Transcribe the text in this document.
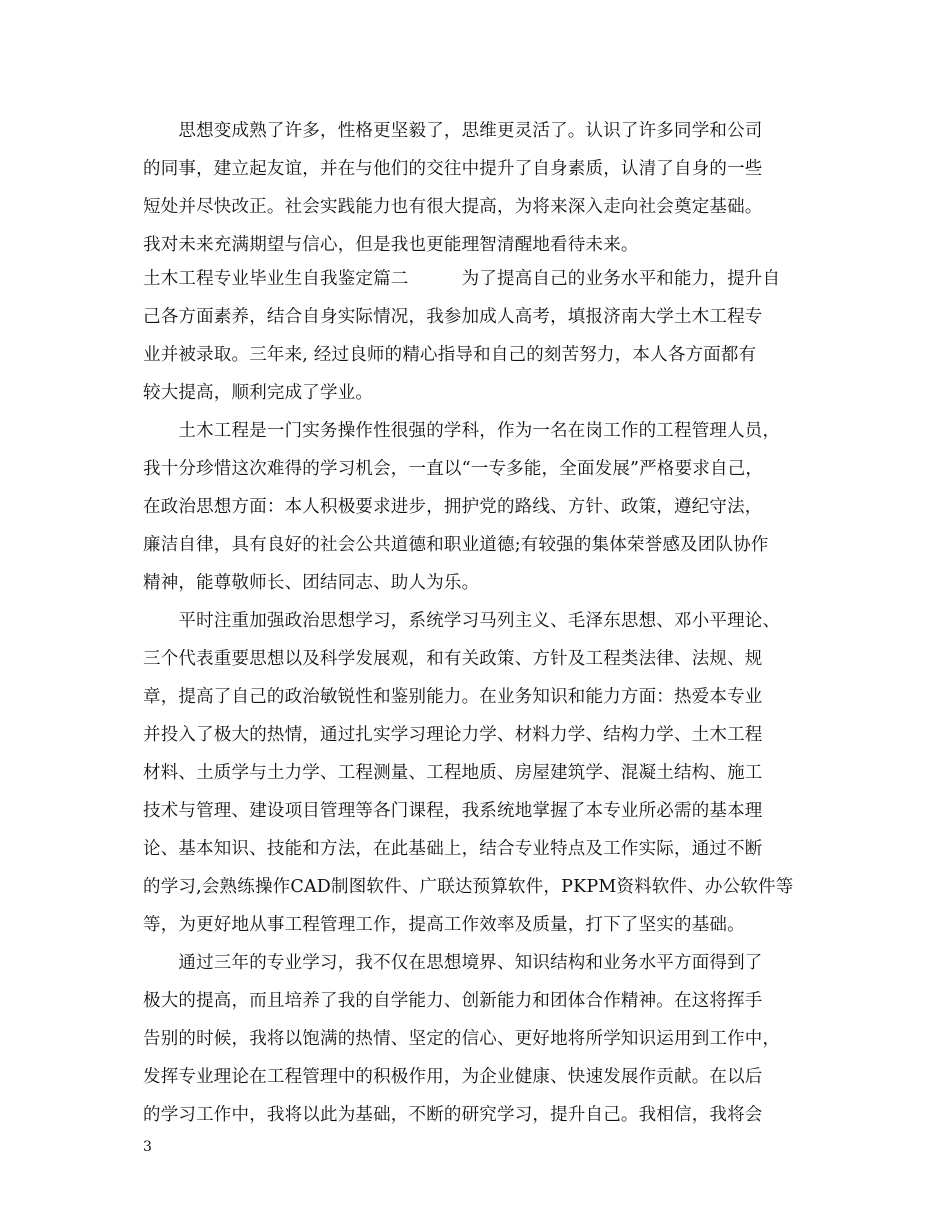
　　思想变成熟了许多，性格更坚毅了，思维更灵活了。认识了许多同学和公司
的同事，建立起友谊，并在与他们的交往中提升了自身素质，认清了自身的一些
短处并尽快改正。社会实践能力也有很大提高，为将来深入走向社会奠定基础。
我对未来充满期望与信心，但是我也更能理智清醒地看待未来。
土木工程专业毕业生自我鉴定篇二　　　为了提高自己的业务水平和能力，提升自
己各方面素养，结合自身实际情况，我参加成人高考，填报济南大学土木工程专
业并被录取。三年来, 经过良师的精心指导和自己的刻苦努力，本人各方面都有
较大提高，顺利完成了学业。
　　土木工程是一门实务操作性很强的学科，作为一名在岗工作的工程管理人员，
我十分珍惜这次难得的学习机会，一直以“一专多能，全面发展”严格要求自己，
在政治思想方面：本人积极要求进步，拥护党的路线、方针、政策，遵纪守法，
廉洁自律，具有良好的社会公共道德和职业道德;有较强的集体荣誉感及团队协作
精神，能尊敬师长、团结同志、助人为乐。
　　平时注重加强政治思想学习，系统学习马列主义、毛泽东思想、邓小平理论、
三个代表重要思想以及科学发展观，和有关政策、方针及工程类法律、法规、规
章，提高了自己的政治敏锐性和鉴别能力。在业务知识和能力方面：热爱本专业
并投入了极大的热情，通过扎实学习理论力学、材料力学、结构力学、土木工程
材料、土质学与土力学、工程测量、工程地质、房屋建筑学、混凝土结构、施工
技术与管理、建设项目管理等各门课程，我系统地掌握了本专业所必需的基本理
论、基本知识、技能和方法，在此基础上，结合专业特点及工作实际，通过不断
的学习,会熟练操作CAD制图软件、广联达预算软件，PKPM资料软件、办公软件等
等，为更好地从事工程管理工作，提高工作效率及质量，打下了坚实的基础。
　　通过三年的专业学习，我不仅在思想境界、知识结构和业务水平方面得到了
极大的提高，而且培养了我的自学能力、创新能力和团体合作精神。在这将挥手
告别的时候，我将以饱满的热情、坚定的信心、更好地将所学知识运用到工作中，
发挥专业理论在工程管理中的积极作用，为企业健康、快速发展作贡献。在以后
的学习工作中，我将以此为基础，不断的研究学习，提升自己。我相信，我将会
3
